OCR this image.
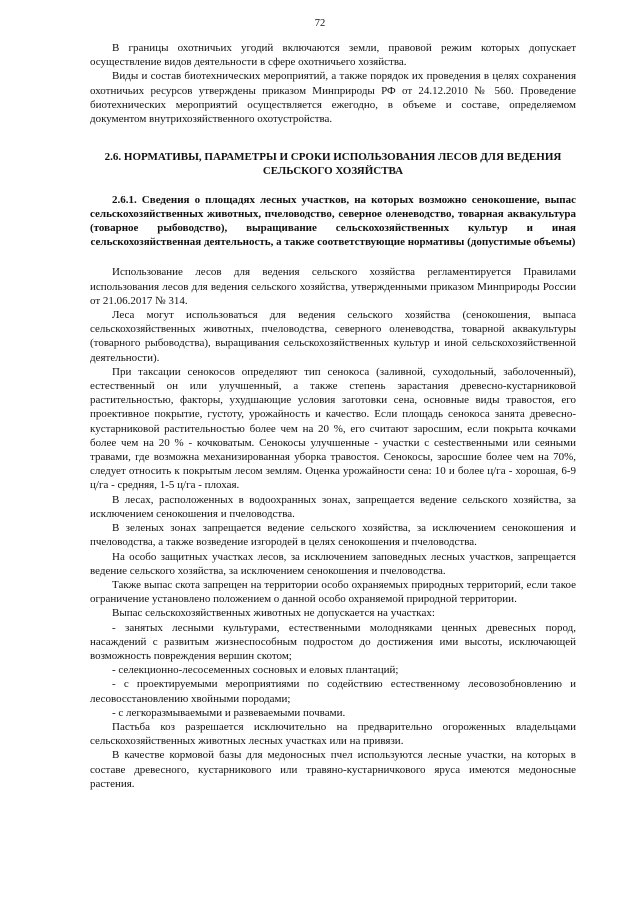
72

В границы охотничьих угодий включаются земли, правовой режим которых допускает осуществление видов деятельности в сфере охотничьего хозяйства.

Виды и состав биотехнических мероприятий, а также порядок их проведения в целях сохранения охотничьих ресурсов утверждены приказом Минприроды РФ от 24.12.2010 № 560. Проведение биотехнических мероприятий осуществляется ежегодно, в объеме и составе, определяемом документом внутрихозяйственного охотустройства.

2.6. НОРМАТИВЫ, ПАРАМЕТРЫ И СРОКИ ИСПОЛЬЗОВАНИЯ ЛЕСОВ ДЛЯ ВЕДЕНИЯ СЕЛЬСКОГО ХОЗЯЙСТВА
2.6.1. Сведения о площадях лесных участков, на которых возможно сенокошение, выпас сельскохозяйственных животных, пчеловодство, северное оленеводство, товарная аквакультура (товарное рыбоводство), выращивание сельскохозяйственных культур и иная сельскохозяйственная деятельность, а также соответствующие нормативы (допустимые объемы)

Использование лесов для ведения сельского хозяйства регламентируется Правилами использования лесов для ведения сельского хозяйства, утвержденными приказом Минприроды России от 21.06.2017 № 314.

Леса могут использоваться для ведения сельского хозяйства (сенокошения, выпаса сельскохозяйственных животных, пчеловодства, северного оленеводства, товарной аквакультуры (товарного рыбоводства), выращивания сельскохозяйственных культур и иной сельскохозяйственной деятельности).

При таксации сенокосов определяют тип сенокоса (заливной, суходольный, заболоченный), естественный он или улучшенный, а также степень зарастания древесно-кустарниковой растительностью, факторы, ухудшающие условия заготовки сена, основные виды травостоя, его проективное покрытие, густоту, урожайность и качество. Если площадь сенокоса занята древесно-кустарниковой растительностью более чем на 20 %, его считают заросшим, если покрыта кочками более чем на 20 % - кочковатым. Сенокосы улучшенные - участки с сеstественными или сеяными травами, где возможна механизированная уборка травостоя. Сенокосы, заросшие более чем на 70%, следует относить к покрытым лесом землям. Оценка урожайности сена: 10 и более ц/га - хорошая, 6-9 ц/га - средняя, 1-5 ц/га - плохая.

В лесах, расположенных в водоохранных зонах, запрещается ведение сельского хозяйства, за исключением сенокошения и пчеловодства.

В зеленых зонах запрещается ведение сельского хозяйства, за исключением сенокошения и пчеловодства, а также возведение изгородей в целях сенокошения и пчеловодства.

На особо защитных участках лесов, за исключением заповедных лесных участков, запрещается ведение сельского хозяйства, за исключением сенокошения и пчеловодства.

Также выпас скота запрещен на территории особо охраняемых природных территорий, если такое ограничение установлено положением о данной особо охраняемой природной территории.

Выпас сельскохозяйственных животных не допускается на участках:

- занятых лесными культурами, естественными молодняками ценных древесных пород, насаждений с развитым жизнеспособным подростом до достижения ими высоты, исключающей возможность повреждения вершин скотом;

- селекционно-лесосеменных сосновых и еловых плантаций;

- с проектируемыми мероприятиями по содействию естественному лесовозобновлению и лесовосстановлению хвойными породами;

- с легкоразмываемыми и развеваемыми почвами.

Пастьба коз разрешается исключительно на предварительно огороженных владельцами сельскохозяйственных животных лесных участках или на привязи.

В качестве кормовой базы для медоносных пчел используются лесные участки, на которых в составе древесного, кустарникового или травяно-кустарничкового яруса имеются медоносные растения.
